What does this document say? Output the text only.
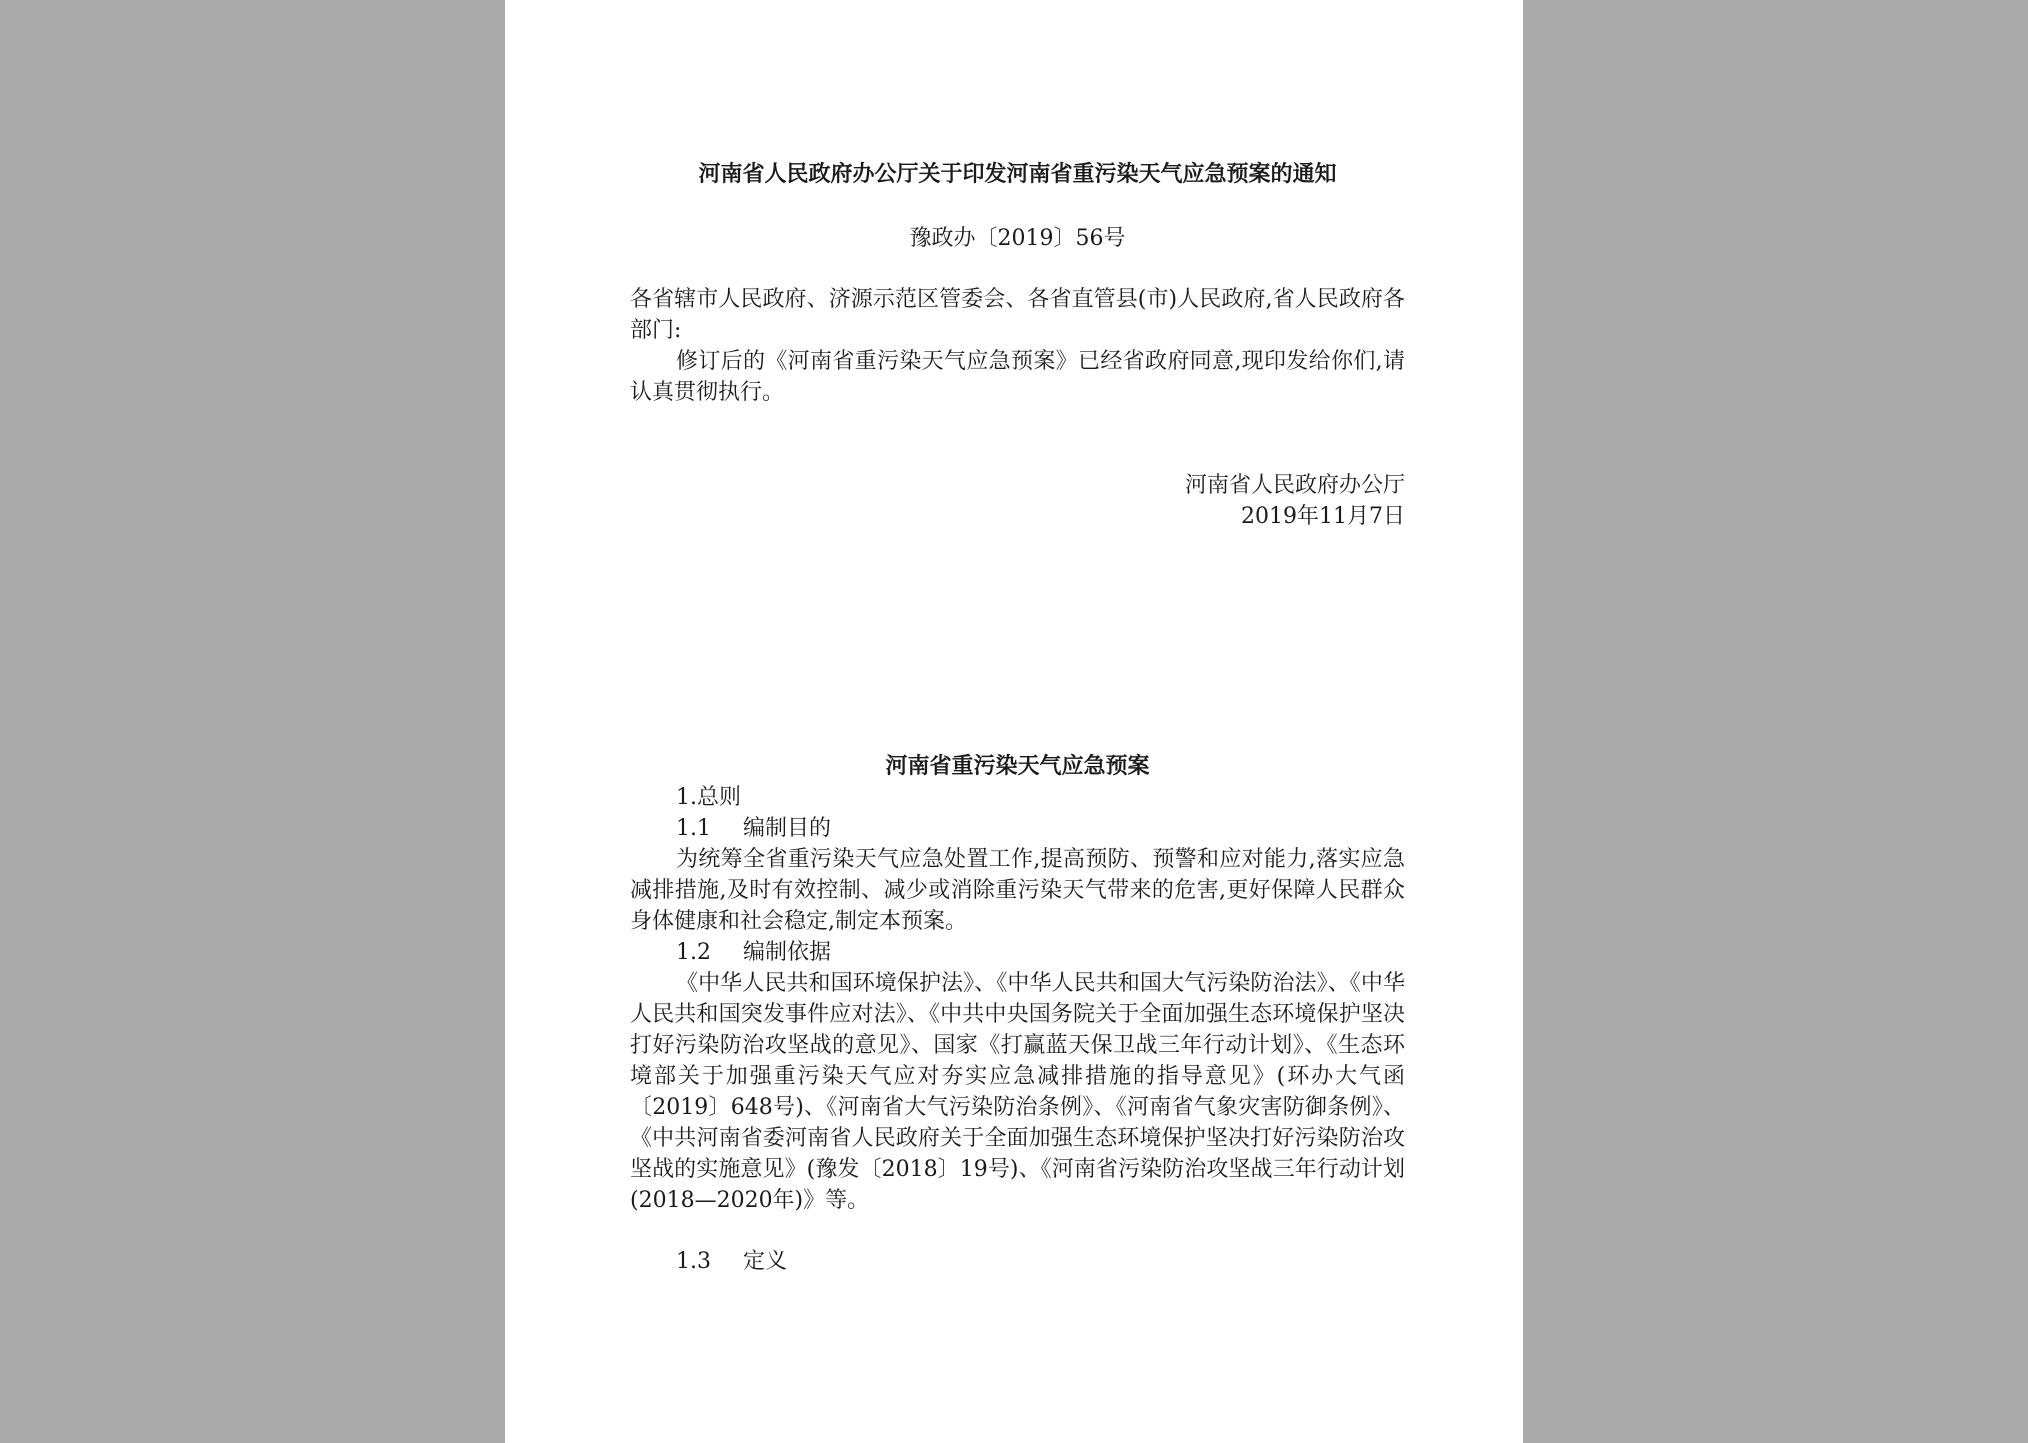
河南省人民政府办公厅关于印发河南省重污染天气应急预案的通知
豫政办〔2019〕56号
各省辖市人民政府、济源示范区管委会、各省直管县(市)人民政府,省人民政府各部门:
修订后的《河南省重污染天气应急预案》已经省政府同意,现印发给你们,请认真贯彻执行。
河南省人民政府办公厅
2019年11月7日
河南省重污染天气应急预案
1.总则
1.1 编制目的
为统筹全省重污染天气应急处置工作,提高预防、预警和应对能力,落实应急减排措施,及时有效控制、减少或消除重污染天气带来的危害,更好保障人民群众身体健康和社会稳定,制定本预案。
1.2 编制依据
《中华人民共和国环境保护法》、《中华人民共和国大气污染防治法》、《中华人民共和国突发事件应对法》、《中共中央国务院关于全面加强生态环境保护坚决打好污染防治攻坚战的意见》、国家《打赢蓝天保卫战三年行动计划》、《生态环境部关于加强重污染天气应对夯实应急减排措施的指导意见》(环办大气函〔2019〕648号)、《河南省大气污染防治条例》、《河南省气象灾害防御条例》、《中共河南省委河南省人民政府关于全面加强生态环境保护坚决打好污染防治攻坚战的实施意见》(豫发〔2018〕19号)、《河南省污染防治攻坚战三年行动计划(2018—2020年)》等。
1.3 定义
